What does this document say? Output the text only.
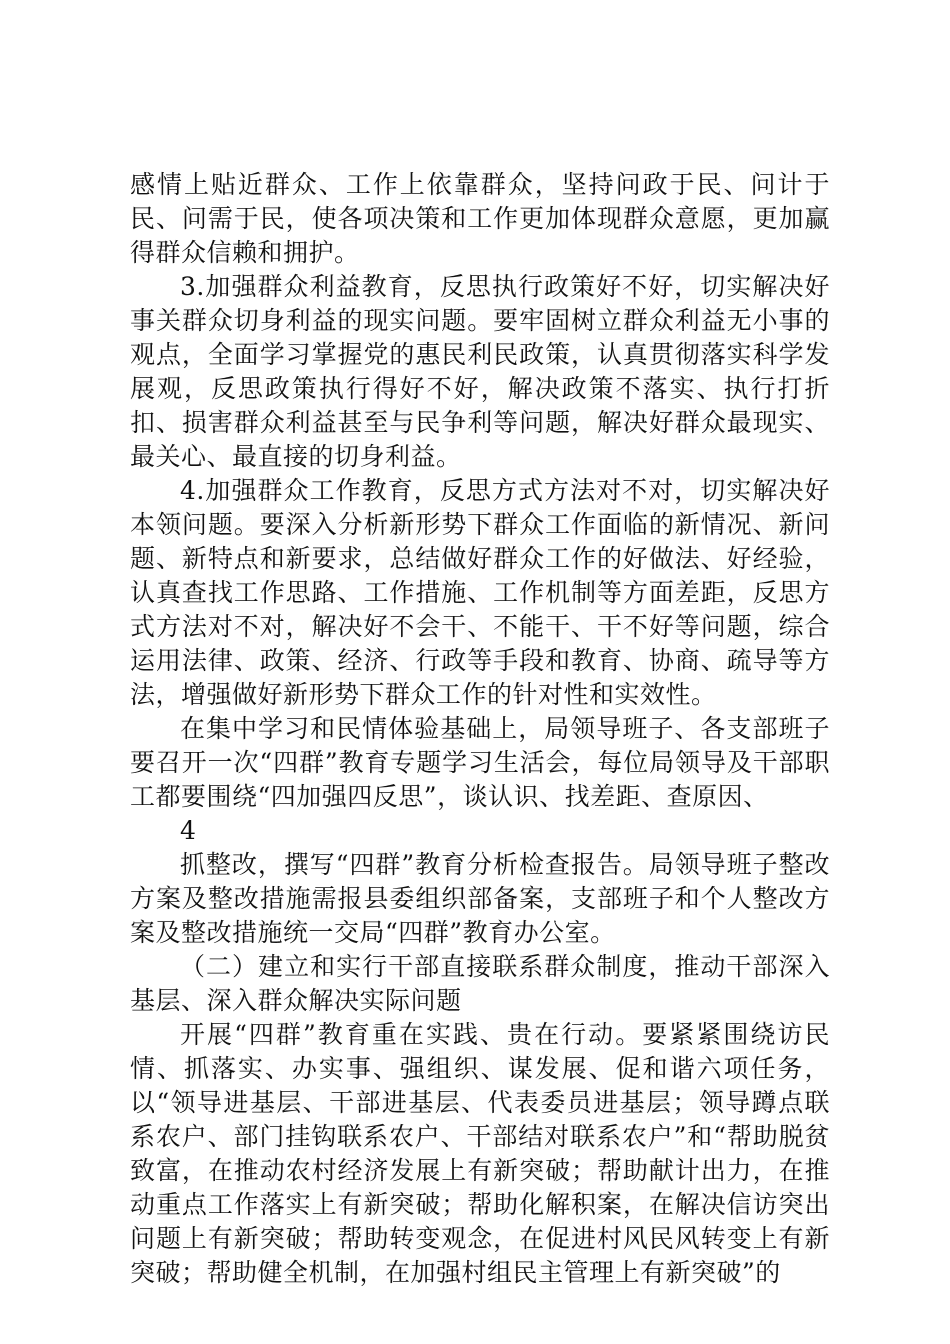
感情上贴近群众、工作上依靠群众，坚持问政于民、问计于民、问需于民，使各项决策和工作更加体现群众意愿，更加赢得群众信赖和拥护。

3.加强群众利益教育，反思执行政策好不好，切实解决好事关群众切身利益的现实问题。要牢固树立群众利益无小事的观点，全面学习掌握党的惠民利民政策，认真贯彻落实科学发展观，反思政策执行得好不好，解决政策不落实、执行打折扣、损害群众利益甚至与民争利等问题，解决好群众最现实、最关心、最直接的切身利益。

4.加强群众工作教育，反思方式方法对不对，切实解决好本领问题。要深入分析新形势下群众工作面临的新情况、新问题、新特点和新要求，总结做好群众工作的好做法、好经验，认真查找工作思路、工作措施、工作机制等方面差距，反思方式方法对不对，解决好不会干、不能干、干不好等问题，综合运用法律、政策、经济、行政等手段和教育、协商、疏导等方法，增强做好新形势下群众工作的针对性和实效性。

在集中学习和民情体验基础上，局领导班子、各支部班子要召开一次“四群”教育专题学习生活会，每位局领导及干部职工都要围绕“四加强四反思”，谈认识、找差距、查原因、

4

抓整改，撰写“四群”教育分析检查报告。局领导班子整改方案及整改措施需报县委组织部备案，支部班子和个人整改方案及整改措施统一交局“四群”教育办公室。

（二）建立和实行干部直接联系群众制度，推动干部深入基层、深入群众解决实际问题

开展“四群”教育重在实践、贵在行动。要紧紧围绕访民情、抓落实、办实事、强组织、谋发展、促和谐六项任务，以“领导进基层、干部进基层、代表委员进基层；领导蹲点联系农户、部门挂钩联系农户、干部结对联系农户”和“帮助脱贫致富，在推动农村经济发展上有新突破；帮助献计出力，在推动重点工作落实上有新突破；帮助化解积案，在解决信访突出问题上有新突破；帮助转变观念，在促进村风民风转变上有新突破；帮助健全机制，在加强村组民主管理上有新突破”的
